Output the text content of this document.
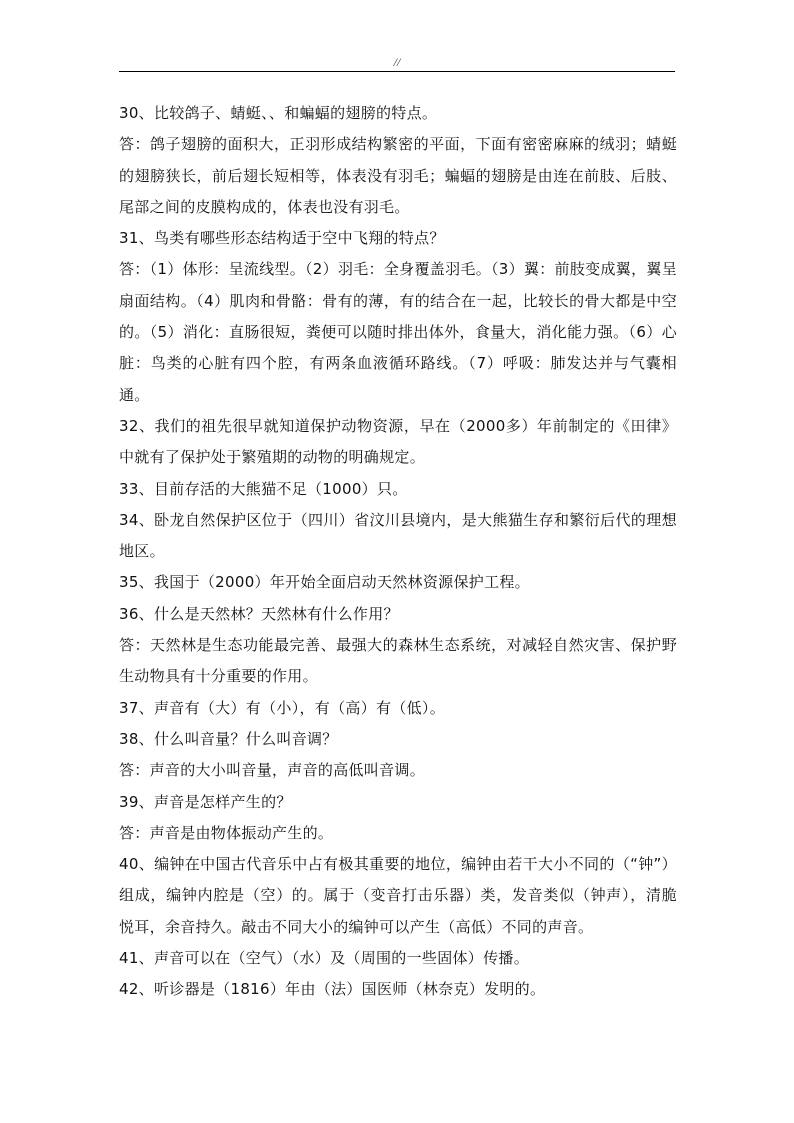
//

30、比较鸽子、蜻蜓、、和蝙蝠的翅膀的特点。

答：鸽子翅膀的面积大，正羽形成结构繁密的平面，下面有密密麻麻的绒羽；蜻蜓的翅膀狭长，前后翅长短相等，体表没有羽毛；蝙蝠的翅膀是由连在前肢、后肢、尾部之间的皮膜构成的，体表也没有羽毛。

31、鸟类有哪些形态结构适于空中飞翔的特点？

答：（1）体形：呈流线型。（2）羽毛：全身覆盖羽毛。（3）翼：前肢变成翼，翼呈扇面结构。（4）肌肉和骨骼：骨有的薄，有的结合在一起，比较长的骨大都是中空的。（5）消化：直肠很短，粪便可以随时排出体外，食量大，消化能力强。（6）心脏：鸟类的心脏有四个腔，有两条血液循环路线。（7）呼吸：肺发达并与气囊相通。

32、我们的祖先很早就知道保护动物资源，早在（2000多）年前制定的《田律》中就有了保护处于繁殖期的动物的明确规定。

33、目前存活的大熊猫不足（1000）只。

34、卧龙自然保护区位于（四川）省汶川县境内，是大熊猫生存和繁衍后代的理想地区。

35、我国于（2000）年开始全面启动天然林资源保护工程。

36、什么是天然林？天然林有什么作用？

答：天然林是生态功能最完善、最强大的森林生态系统，对减轻自然灾害、保护野生动物具有十分重要的作用。

37、声音有（大）有（小），有（高）有（低）。

38、什么叫音量？什么叫音调？

答：声音的大小叫音量，声音的高低叫音调。

39、声音是怎样产生的？

答：声音是由物体振动产生的。

40、编钟在中国古代音乐中占有极其重要的地位，编钟由若干大小不同的（“钟”）组成，编钟内腔是（空）的。属于（变音打击乐器）类，发音类似（钟声），清脆悦耳，余音持久。敲击不同大小的编钟可以产生（高低）不同的声音。

41、声音可以在（空气）（水）及（周围的一些固体）传播。

42、听诊器是（1816）年由（法）国医师（林奈克）发明的。
